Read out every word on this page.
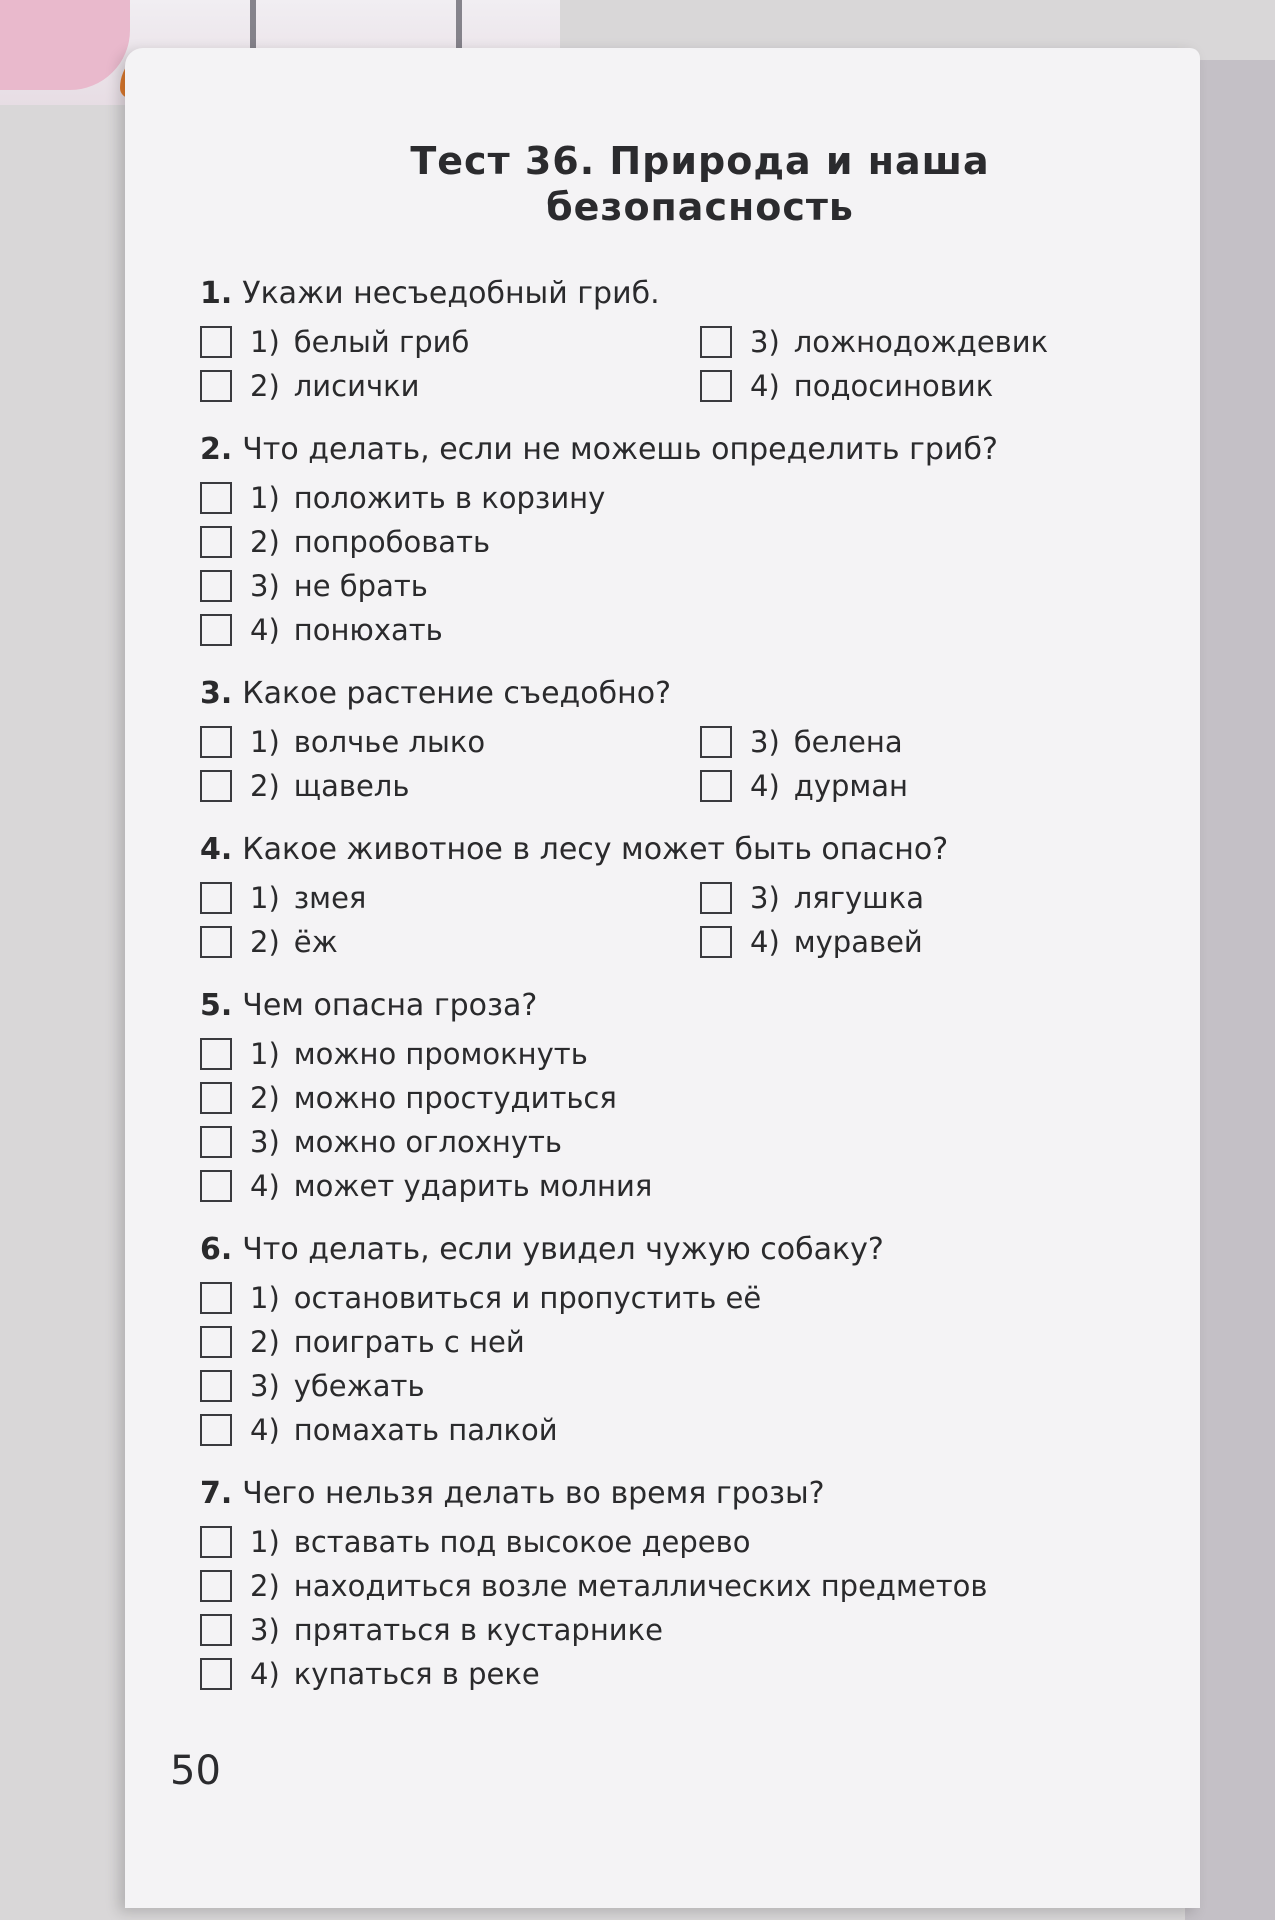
Тест 36. Природа и наша
безопасность
1. Укажи несъедобный гриб.
1) белый гриб
2) лисички
3) ложнодождевик
4) подосиновик
2. Что делать, если не можешь определить гриб?
1) положить в корзину
2) попробовать
3) не брать
4) понюхать
3. Какое растение съедобно?
1) волчье лыко
2) щавель
3) белена
4) дурман
4. Какое животное в лесу может быть опасно?
1) змея
2) ёж
3) лягушка
4) муравей
5. Чем опасна гроза?
1) можно промокнуть
2) можно простудиться
3) можно оглохнуть
4) может ударить молния
6. Что делать, если увидел чужую собаку?
1) остановиться и пропустить её
2) поиграть с ней
3) убежать
4) помахать палкой
7. Чего нельзя делать во время грозы?
1) вставать под высокое дерево
2) находиться возле металлических предметов
3) прятаться в кустарнике
4) купаться в реке
50
